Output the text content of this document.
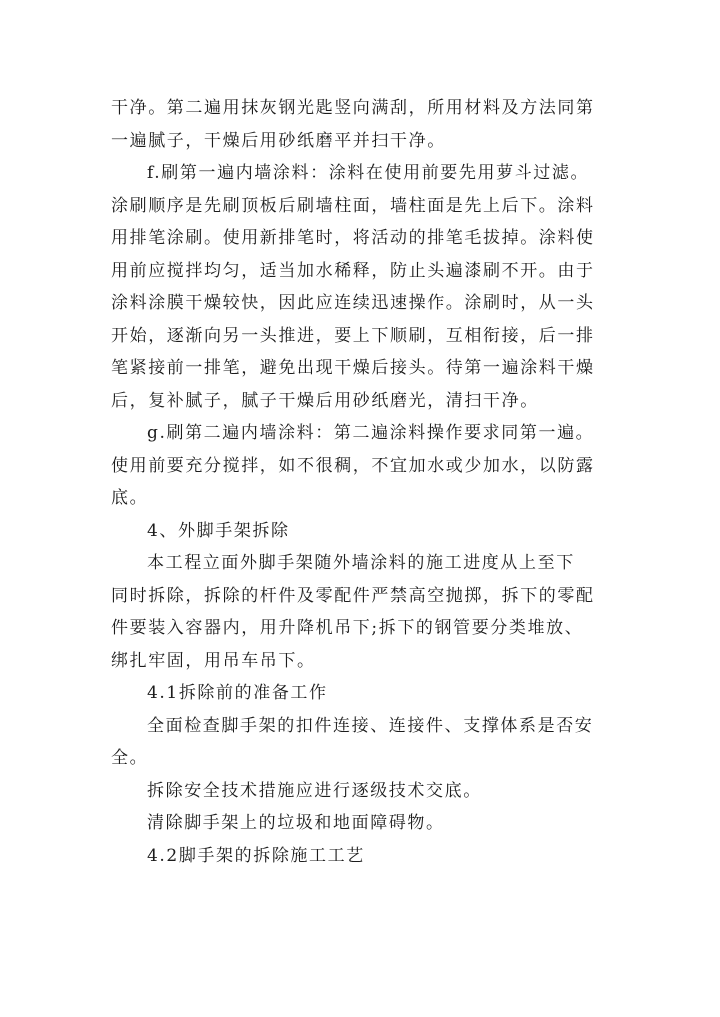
干净。第二遍用抹灰钢光匙竖向满刮，所用材料及方法同第
一遍腻子，干燥后用砂纸磨平并扫干净。
f.刷第一遍内墙涂料：涂料在使用前要先用萝斗过滤。
涂刷顺序是先刷顶板后刷墙柱面，墙柱面是先上后下。涂料
用排笔涂刷。使用新排笔时，将活动的排笔毛拔掉。涂料使
用前应搅拌均匀，适当加水稀释，防止头遍漆刷不开。由于
涂料涂膜干燥较快，因此应连续迅速操作。涂刷时，从一头
开始，逐渐向另一头推进，要上下顺刷，互相衔接，后一排
笔紧接前一排笔，避免出现干燥后接头。待第一遍涂料干燥
后，复补腻子，腻子干燥后用砂纸磨光，清扫干净。
g.刷第二遍内墙涂料：第二遍涂料操作要求同第一遍。
使用前要充分搅拌，如不很稠，不宜加水或少加水，以防露
底。
4、外脚手架拆除
本工程立面外脚手架随外墙涂料的施工进度从上至下
同时拆除，拆除的杆件及零配件严禁高空抛掷，拆下的零配
件要装入容器内，用升降机吊下;拆下的钢管要分类堆放、
绑扎牢固，用吊车吊下。
4.1拆除前的准备工作
全面检查脚手架的扣件连接、连接件、支撑体系是否安
全。
拆除安全技术措施应进行逐级技术交底。
清除脚手架上的垃圾和地面障碍物。
4.2脚手架的拆除施工工艺
